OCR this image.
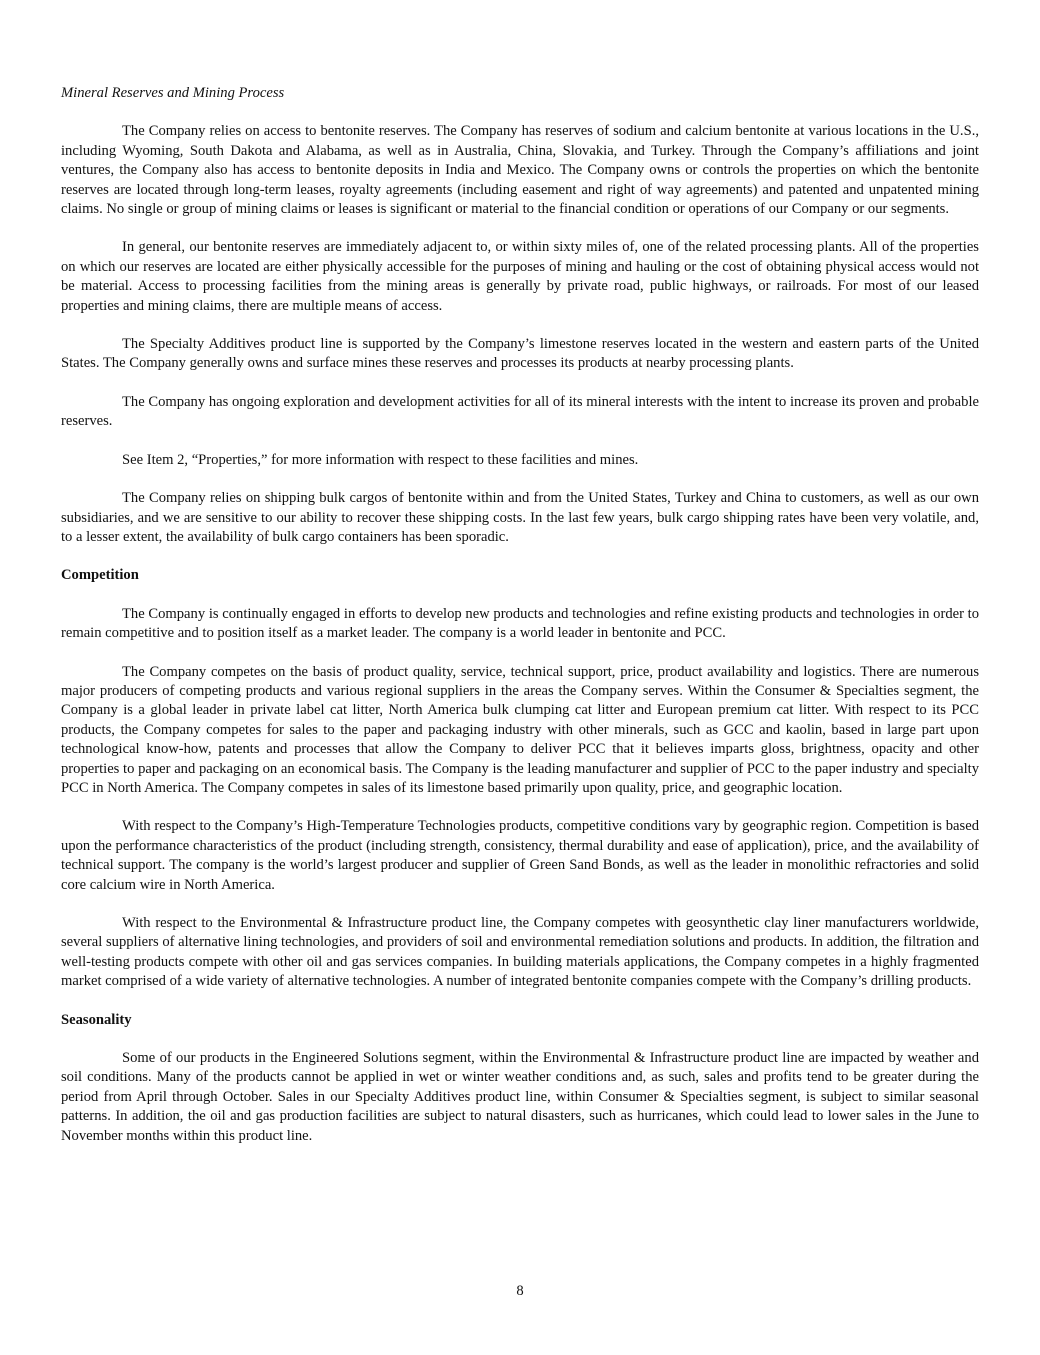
Mineral Reserves and Mining Process

The Company relies on access to bentonite reserves. The Company has reserves of sodium and calcium bentonite at various locations in the U.S., including Wyoming, South Dakota and Alabama, as well as in Australia, China, Slovakia, and Turkey. Through the Company’s affiliations and joint ventures, the Company also has access to bentonite deposits in India and Mexico. The Company owns or controls the properties on which the bentonite reserves are located through long-term leases, royalty agreements (including easement and right of way agreements) and patented and unpatented mining claims. No single or group of mining claims or leases is significant or material to the financial condition or operations of our Company or our segments.

In general, our bentonite reserves are immediately adjacent to, or within sixty miles of, one of the related processing plants. All of the properties on which our reserves are located are either physically accessible for the purposes of mining and hauling or the cost of obtaining physical access would not be material. Access to processing facilities from the mining areas is generally by private road, public highways, or railroads. For most of our leased properties and mining claims, there are multiple means of access.

The Specialty Additives product line is supported by the Company’s limestone reserves located in the western and eastern parts of the United States. The Company generally owns and surface mines these reserves and processes its products at nearby processing plants.

The Company has ongoing exploration and development activities for all of its mineral interests with the intent to increase its proven and probable reserves.

See Item 2, “Properties,” for more information with respect to these facilities and mines.

The Company relies on shipping bulk cargos of bentonite within and from the United States, Turkey and China to customers, as well as our own subsidiaries, and we are sensitive to our ability to recover these shipping costs. In the last few years, bulk cargo shipping rates have been very volatile, and, to a lesser extent, the availability of bulk cargo containers has been sporadic.

Competition

The Company is continually engaged in efforts to develop new products and technologies and refine existing products and technologies in order to remain competitive and to position itself as a market leader. The company is a world leader in bentonite and PCC.

The Company competes on the basis of product quality, service, technical support, price, product availability and logistics. There are numerous major producers of competing products and various regional suppliers in the areas the Company serves. Within the Consumer & Specialties segment, the Company is a global leader in private label cat litter, North America bulk clumping cat litter and European premium cat litter. With respect to its PCC products, the Company competes for sales to the paper and packaging industry with other minerals, such as GCC and kaolin, based in large part upon technological know-how, patents and processes that allow the Company to deliver PCC that it believes imparts gloss, brightness, opacity and other properties to paper and packaging on an economical basis. The Company is the leading manufacturer and supplier of PCC to the paper industry and specialty PCC in North America. The Company competes in sales of its limestone based primarily upon quality, price, and geographic location.

With respect to the Company’s High-Temperature Technologies products, competitive conditions vary by geographic region. Competition is based upon the performance characteristics of the product (including strength, consistency, thermal durability and ease of application), price, and the availability of technical support. The company is the world’s largest producer and supplier of Green Sand Bonds, as well as the leader in monolithic refractories and solid core calcium wire in North America.

With respect to the Environmental & Infrastructure product line, the Company competes with geosynthetic clay liner manufacturers worldwide, several suppliers of alternative lining technologies, and providers of soil and environmental remediation solutions and products. In addition, the filtration and well-testing products compete with other oil and gas services companies. In building materials applications, the Company competes in a highly fragmented market comprised of a wide variety of alternative technologies. A number of integrated bentonite companies compete with the Company’s drilling products.

Seasonality

Some of our products in the Engineered Solutions segment, within the Environmental & Infrastructure product line are impacted by weather and soil conditions. Many of the products cannot be applied in wet or winter weather conditions and, as such, sales and profits tend to be greater during the period from April through October. Sales in our Specialty Additives product line, within Consumer & Specialties segment, is subject to similar seasonal patterns. In addition, the oil and gas production facilities are subject to natural disasters, such as hurricanes, which could lead to lower sales in the June to November months within this product line.

8
